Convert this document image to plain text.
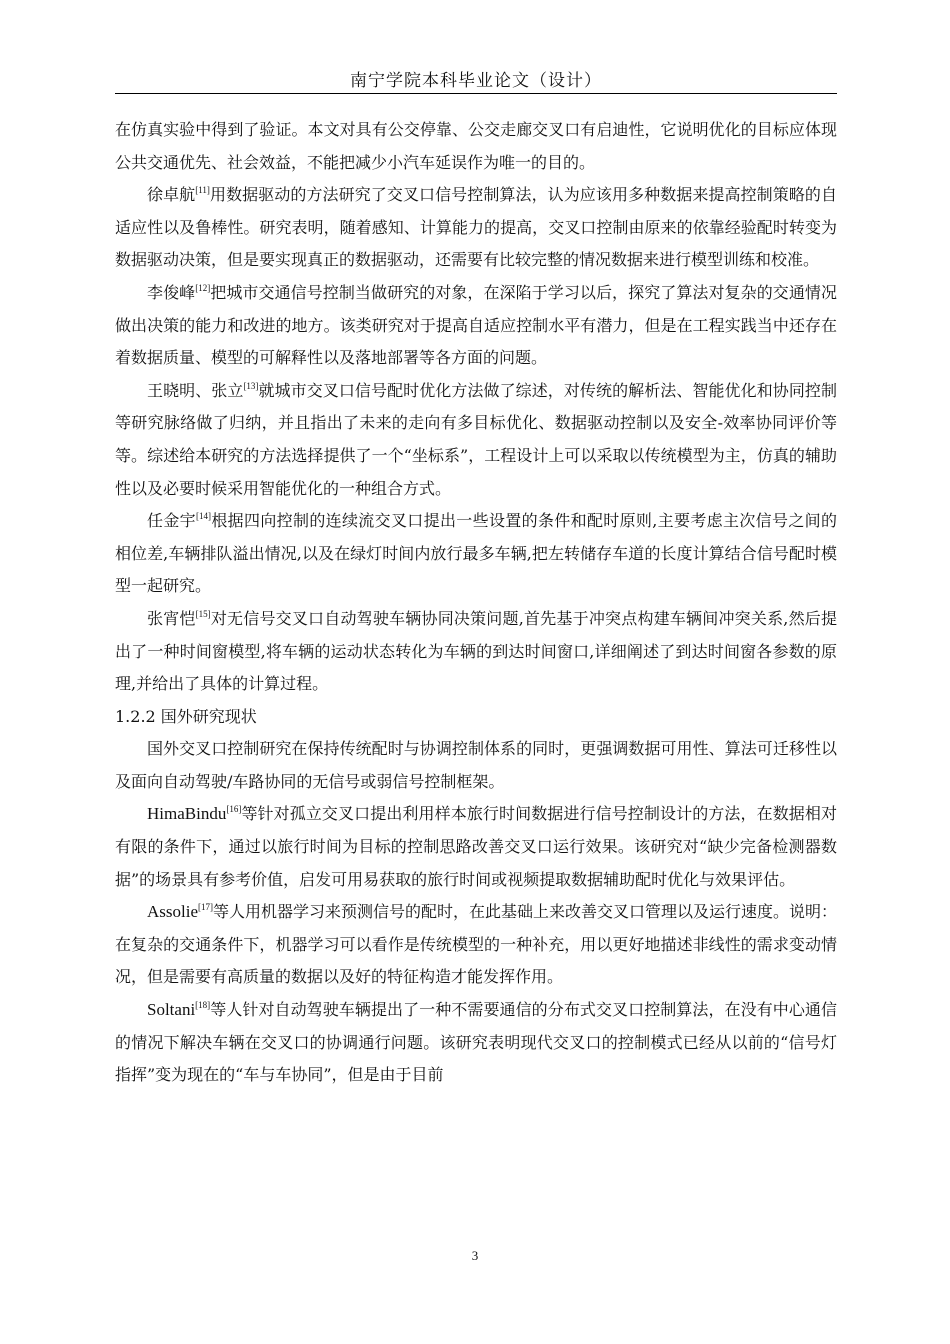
南宁学院本科毕业论文（设计）

在仿真实验中得到了验证。本文对具有公交停靠、公交走廊交叉口有启迪性，它说明优化的目标应体现公共交通优先、社会效益，不能把减少小汽车延误作为唯一的目的。

徐卓航[11]用数据驱动的方法研究了交叉口信号控制算法，认为应该用多种数据来提高控制策略的自适应性以及鲁棒性。研究表明，随着感知、计算能力的提高，交叉口控制由原来的依靠经验配时转变为数据驱动决策，但是要实现真正的数据驱动，还需要有比较完整的情况数据来进行模型训练和校准。

李俊峰[12]把城市交通信号控制当做研究的对象，在深陷于学习以后，探究了算法对复杂的交通情况做出决策的能力和改进的地方。该类研究对于提高自适应控制水平有潜力，但是在工程实践当中还存在着数据质量、模型的可解释性以及落地部署等各方面的问题。

王晓明、张立[13]就城市交叉口信号配时优化方法做了综述，对传统的解析法、智能优化和协同控制等研究脉络做了归纳，并且指出了未来的走向有多目标优化、数据驱动控制以及安全-效率协同评价等等。综述给本研究的方法选择提供了一个“坐标系”，工程设计上可以采取以传统模型为主，仿真的辅助性以及必要时候采用智能优化的一种组合方式。

任金宇[14]根据四向控制的连续流交叉口提出一些设置的条件和配时原则,主要考虑主次信号之间的相位差,车辆排队溢出情况,以及在绿灯时间内放行最多车辆,把左转储存车道的长度计算结合信号配时模型一起研究。

张宵恺[15]对无信号交叉口自动驾驶车辆协同决策问题,首先基于冲突点构建车辆间冲突关系,然后提出了一种时间窗模型,将车辆的运动状态转化为车辆的到达时间窗口,详细阐述了到达时间窗各参数的原理,并给出了具体的计算过程。

1.2.2 国外研究现状

国外交叉口控制研究在保持传统配时与协调控制体系的同时，更强调数据可用性、算法可迁移性以及面向自动驾驶/车路协同的无信号或弱信号控制框架。

HimaBindu[16]等针对孤立交叉口提出利用样本旅行时间数据进行信号控制设计的方法，在数据相对有限的条件下，通过以旅行时间为目标的控制思路改善交叉口运行效果。该研究对“缺少完备检测器数据”的场景具有参考价值，启发可用易获取的旅行时间或视频提取数据辅助配时优化与效果评估。

Assolie[17]等人用机器学习来预测信号的配时，在此基础上来改善交叉口管理以及运行速度。说明：在复杂的交通条件下，机器学习可以看作是传统模型的一种补充，用以更好地描述非线性的需求变动情况，但是需要有高质量的数据以及好的特征构造才能发挥作用。

Soltani[18]等人针对自动驾驶车辆提出了一种不需要通信的分布式交叉口控制算法，在没有中心通信的情况下解决车辆在交叉口的协调通行问题。该研究表明现代交叉口的控制模式已经从以前的“信号灯指挥”变为现在的“车与车协同”，但是由于目前

3
